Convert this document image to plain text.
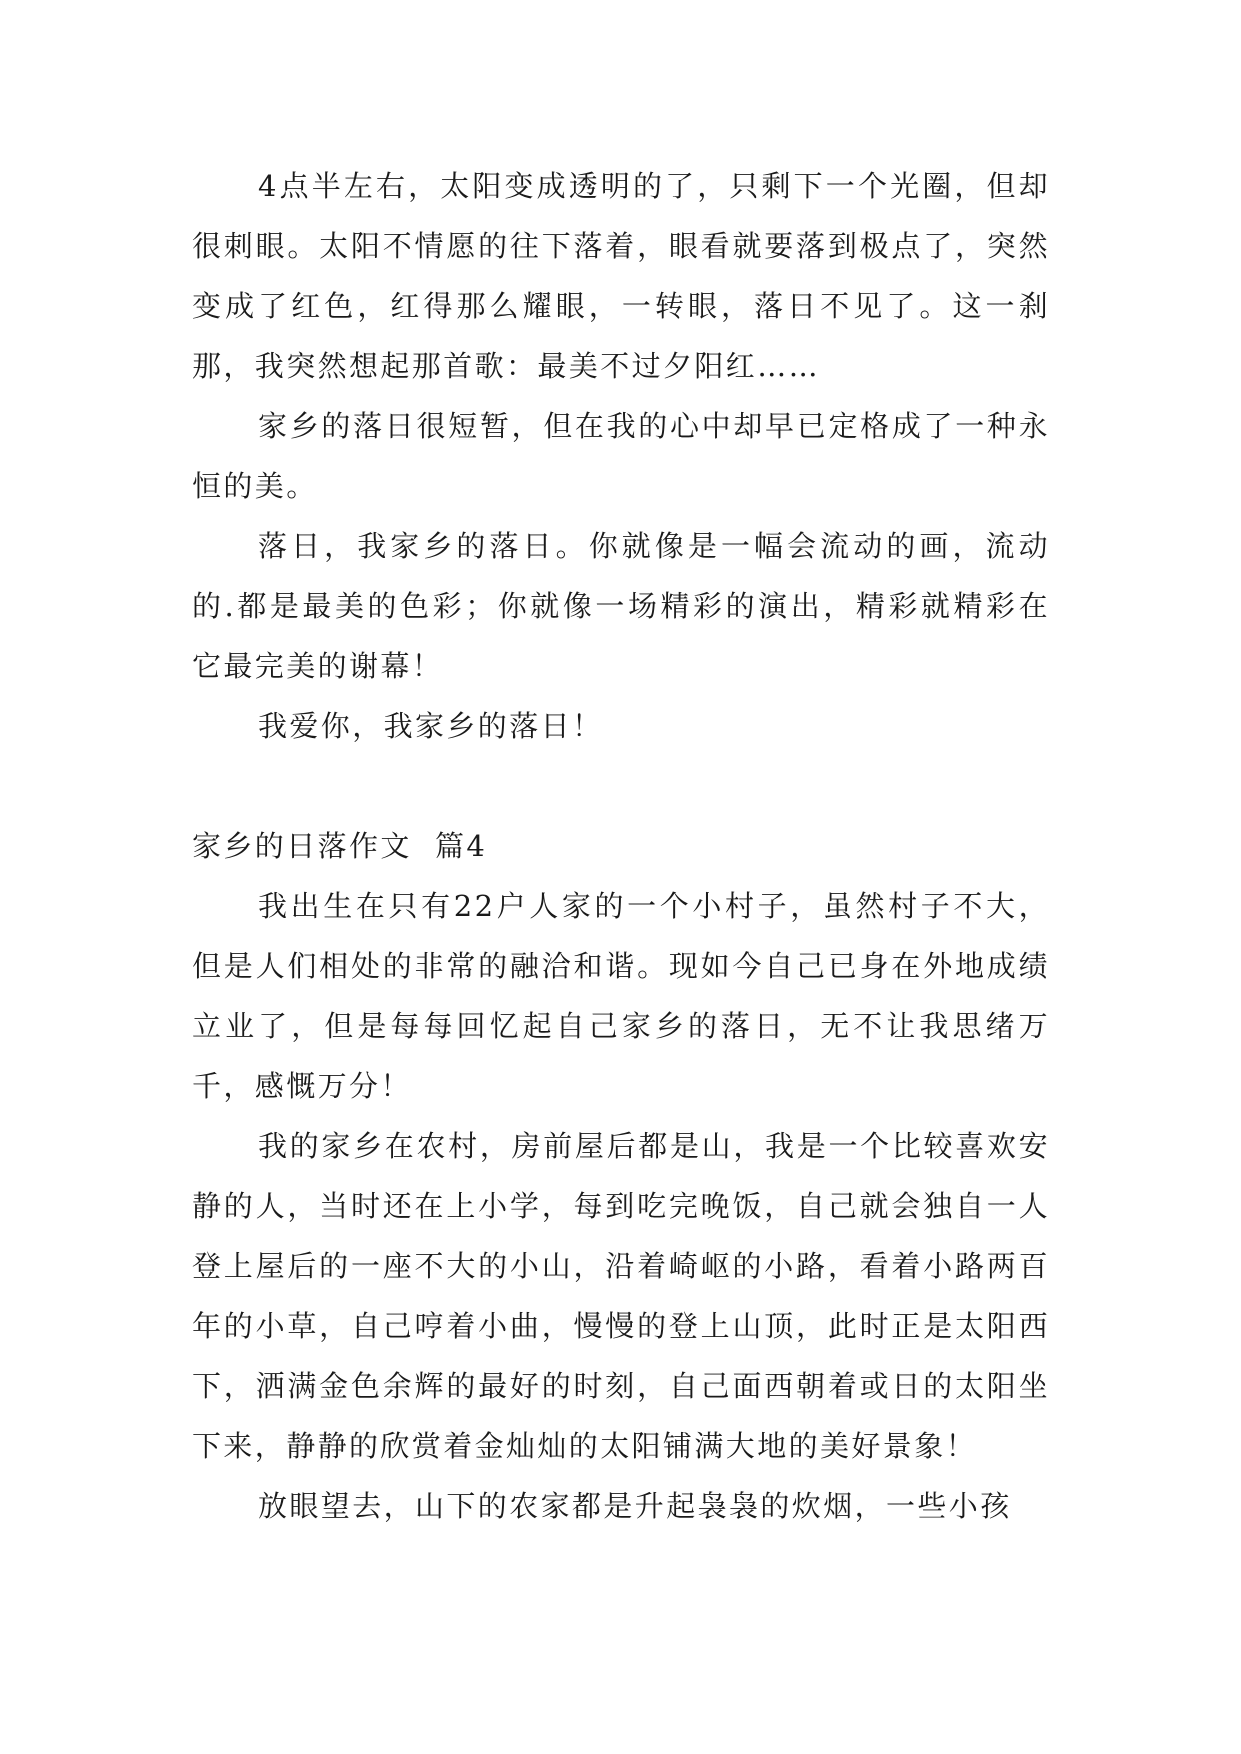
4点半左右，太阳变成透明的了，只剩下一个光圈，但却很刺眼。太阳不情愿的往下落着，眼看就要落到极点了，突然变成了红色，红得那么耀眼，一转眼，落日不见了。这一刹那，我突然想起那首歌：最美不过夕阳红……

家乡的落日很短暂，但在我的心中却早已定格成了一种永恒的美。

落日，我家乡的落日。你就像是一幅会流动的画，流动的.都是最美的色彩；你就像一场精彩的演出，精彩就精彩在它最完美的谢幕！

我爱你，我家乡的落日！

家乡的日落作文  篇4

我出生在只有22户人家的一个小村子，虽然村子不大，但是人们相处的非常的融洽和谐。现如今自己已身在外地成绩立业了，但是每每回忆起自己家乡的落日，无不让我思绪万千，感慨万分！

我的家乡在农村，房前屋后都是山，我是一个比较喜欢安静的人，当时还在上小学，每到吃完晚饭，自己就会独自一人登上屋后的一座不大的小山，沿着崎岖的小路，看着小路两百年的小草，自己哼着小曲，慢慢的登上山顶，此时正是太阳西下，洒满金色余辉的最好的时刻，自己面西朝着或日的太阳坐下来，静静的欣赏着金灿灿的太阳铺满大地的美好景象！

放眼望去，山下的农家都是升起袅袅的炊烟，一些小孩
